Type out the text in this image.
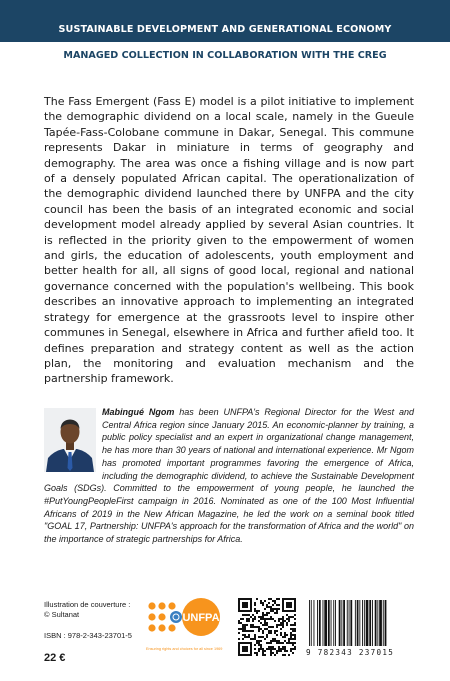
SUSTAINABLE DEVELOPMENT AND GENERATIONAL ECONOMY
MANAGED COLLECTION IN COLLABORATION WITH THE CREG

The Fass Emergent (Fass E) model is a pilot initiative to implement the demographic dividend on a local scale, namely in the Gueule Tapée-Fass-Colobane commune in Dakar, Senegal. This commune represents Dakar in miniature in terms of geography and demography. The area was once a fishing village and is now part of a densely populated African capital. The operationalization of the demographic dividend launched there by UNFPA and the city council has been the basis of an integrated economic and social development model already applied by several Asian countries. It is reflected in the priority given to the empowerment of women and girls, the education of adolescents, youth employment and better health for all, all signs of good local, regional and national governance concerned with the population's wellbeing. This book describes an innovative approach to implementing an integrated strategy for emergence at the grassroots level to inspire other communes in Senegal, elsewhere in Africa and further afield too. It defines preparation and strategy content as well as the action plan, the monitoring and evaluation mechanism and the partnership framework.

Mabingué Ngom has been UNFPA's Regional Director for the West and Central Africa region since January 2015. An economic-planner by training, a public policy specialist and an expert in organizational change management, he has more than 30 years of national and international experience. Mr Ngom has promoted important programmes favoring the emergence of Africa, including the demographic dividend, to achieve the Sustainable Development Goals (SDGs). Committed to the empowerment of young people, he launched the #PutYoungPeopleFirst campaign in 2016. Nominated as one of the 100 Most Influential Africans of 2019 in the New African Magazine, he led the work on a seminal book titled "GOAL 17, Partnership: UNFPA's approach for the transformation of Africa and the world" on the importance of strategic partnerships for Africa.
Illustration de couverture :
© Sultanat
ISBN : 978-2-343-23701-5
22 €
UNFPA
Ensuring rights and choices for all since 1969	9 782343 237015
